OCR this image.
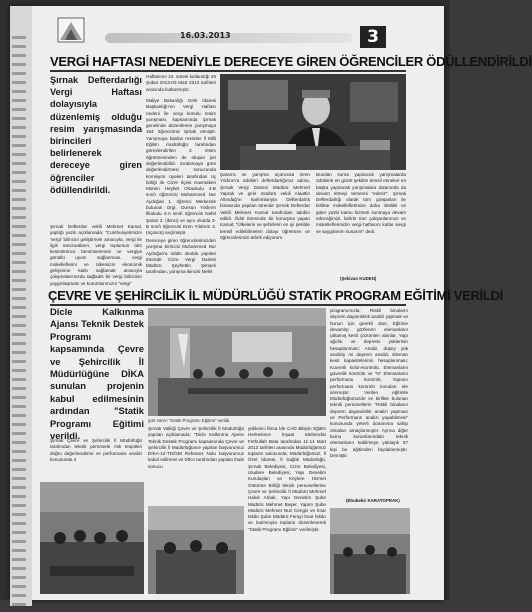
16.03.2013	3
VERGİ HAFTASI NEDENİYLE DERECEYE GİREN ÖĞRENCİLER ÖDÜLLENDİRİLDİ
Şırnak Defterdarlığı Vergi Haftası dolayısıyla düzenlemiş olduğu resim yarışmasında birincileri belirlenerek dereceye giren öğrenciler ödüllendirildi.
Şırnak Defterdar vekili Mehmet Kamal, yaptığı yazılı açıklamada; "Cumhuriyetimizin 'vergi' bilincini geliştirmek amacıyla, vergi ile ilgili mevzuatların, vergi toplumun tüm kesimlerince benimsenmesi ve vergiye gönüllü uyum sağlanması, vergi mükelleflerini ve ülkemizin ekonomik gelişimine katkı sağlamak amacıyla çalışmalarımızda sağladık bir vergi bilincinin yaygınlaşması ve kurumlarımızın "vergi"
Haftasının 24. süresi kutlandığı 25 Şubat 2013-03 Mart 2013 tarihleri arasında kutlanmıştır.
Maliye Bakanlığı Gelir İdaresi Başkanlığı'nın Vergi Haftası nedeni ile vergi konulu resim yarışması, kapsamında Şırnak genelinde düzenlenen yarışmaya 184 öğrencimiz iştirak etmiştir. Yarışmaya katılan resimler İl Milli Eğitim müdürlüğü tarafından görevlendirilen 3 resim öğretmeninden de oluşan jüri değerlendirildi. Sıralamaya göre değerlendirmesi sonucunda komisyon üyeleri tarafından üç birliği ile Cizre İlçesi Kavmaken Mümin Heybet Ortaokulu 4-B sınıfı öğrencisi Muhammed Nur Aydoğan 1. öğrenci Merkezde bulunan Orgl. Dursun Yıldırım İlkokulu 4-A sınıfı öğrencisi Nefel Şaran 2. (ikinci) ve aynı okulda 3-B sınıfı öğrencisi Eren Yıldırım 3.(üçüncü) seçilmiştir.
Dereceye giren öğrencilerimizden yarışma birincisi Muhammed Nur Aydoğan'a ödülü okulda yapılan törende Cizre Vergi Dairesi Müdürü Şeyhettin Şimşek tarafından, yarışma ikincisi Nefel
Şaran'a ve yarışma üçüncüsü Eren Yıldırım'a ödülleri defterdarlığımız adına, Şırnak Vergi Dairesi Müdürü Mehmet Yaprak ve gelir müdürü vekili Alaattin Altındağ'ın katılımlarıyla Defterdarlık binasında yapılan törende Şırnak Defterdar Vekili Mehmet Kamal tarafından takdim edildi. Ödül töreninde bir konuşma yapan Kamal; "Ülkelerin ve şehirlerin en iyi şekilde temsil edilebilmeleri dolayı öğretmen ve öğrencilerimizi tebrik ediyorum.
Bundan sonra yapılacak yarışmalarda ödüllerin en güzel şekilde temsil etmeleri en başka yapılacak yarışmalara dalanında da devam etmeyi temenni "ederiz". Şırnak Defterdarlığı olarak tüm çalışanları ile birlikte mükelleflerimize daha nitelikli ve güler yüzlü kamu hizmeti sunmaya devam edeceğimizi, belirtir tüm çalışanlarımızı ve mükelleflerimizin vergi haftasını kutlar sevgi ve saygılarımı sunarım" dedi.
(Şekivan KUDEN)
ÇEVRE VE ŞEHİRCİLİK İL MÜDÜRLÜĞÜ STATİK PROGRAM EĞİTİMİ VERİLDİ
Dicle Kalkınma Ajansı Teknik Destek Programı kapsamında Çevre ve Şehircilik İl Müdürlüğüne DİKA sunulan projenin kabul edilmesinin ardından "Statik Programı Eğitimi verildi.
Şırnak Çevre ve Şehircilik İl Müdürlüğü tarafından teknik personele risk tespitleri doğru değerlendirme ve performans analizi konusunda 4
gün süren "Statik Programı Eğitimi" verildi.
Şırnak Valiliği Çevre ve Şehircilik İl Müdürlüğü yapılan açıklamada; "Dicle Kalkınma Ajansı Teknik Destek Programı kapsamında Çevre ve Şehircilik İl Müdürlüğünce yapılan başvurumuz DİKA-12-TD/038 Referans Nolu başvurumuz kabul edilmesi ve DİKA tarafından yapılan ihale sonucu
yüklenici firma İde CAD Bilişim Eğitim Herkesince İnşaat Mühendisi Fethullah Bata tarafından 11-14 Mart 2013 tarihleri arasında Müdürlüğümüz toplantı salonunda; Müdürlüğümüz, İl Özel İdaresi, İl Sağlık Müdürlüğü, Şırnak Belediyesi, Cizre Belediyesi, Uludere Belediyesi, Yapı Denetim Kuruluşları ve Köylere Hizmet Götürme Birliği teknik personellerine Çevre ve Şehircilik İl Müdürü Mehmet Haluk Arbak, Yapı Denetim Şube Müdürü Mehmet Başer, Yapım Şube Müdürü Mehmet Nuri Cengiz ve İmar İskân Şube Müdürü Ferayi İmar İskân ve katılımıyla toplantı düzenlenerek "Statik Programı Eğitimi" verilmiştir.
programımızla; Riskli binaların deprem dayanıklılık analizi yapmak ve bunun için gerekli olan; Eğitime devamlıp gözlenen elemanların (altamış kesit çözümlen alanlar, Yapı ağırlık ve depremi yüklerinin hesaplanması; Analiz, düşey yük analiziy mi deprem analizi, Eleman kesit kapasitelerinin hesaplanması; Kuvvetli kolon-kontrolü, Elemanların güvenlik kontrolü ve "N" Elemanların performans kontrolü, Yapının performans kontrolü konuları ele alınmıştır. Verilen eğitimle Müdürlüğümüzde ve birlikte bulunan teknik personellerin "Riskli binaların deprem dayanıklılık analizi yapması ve Performans analizi yapabilmesi" konusunda yeterli donanıma sahip olmaları amaçlanmıştır. Ayrıca diğer kamu kurumlarındaki teknik elemanların kabilmeye yaklaşık 57 kişi bu eğitimden faydalanmıştır. Demiştir.
(Ebubekir KARATOPRAK)
